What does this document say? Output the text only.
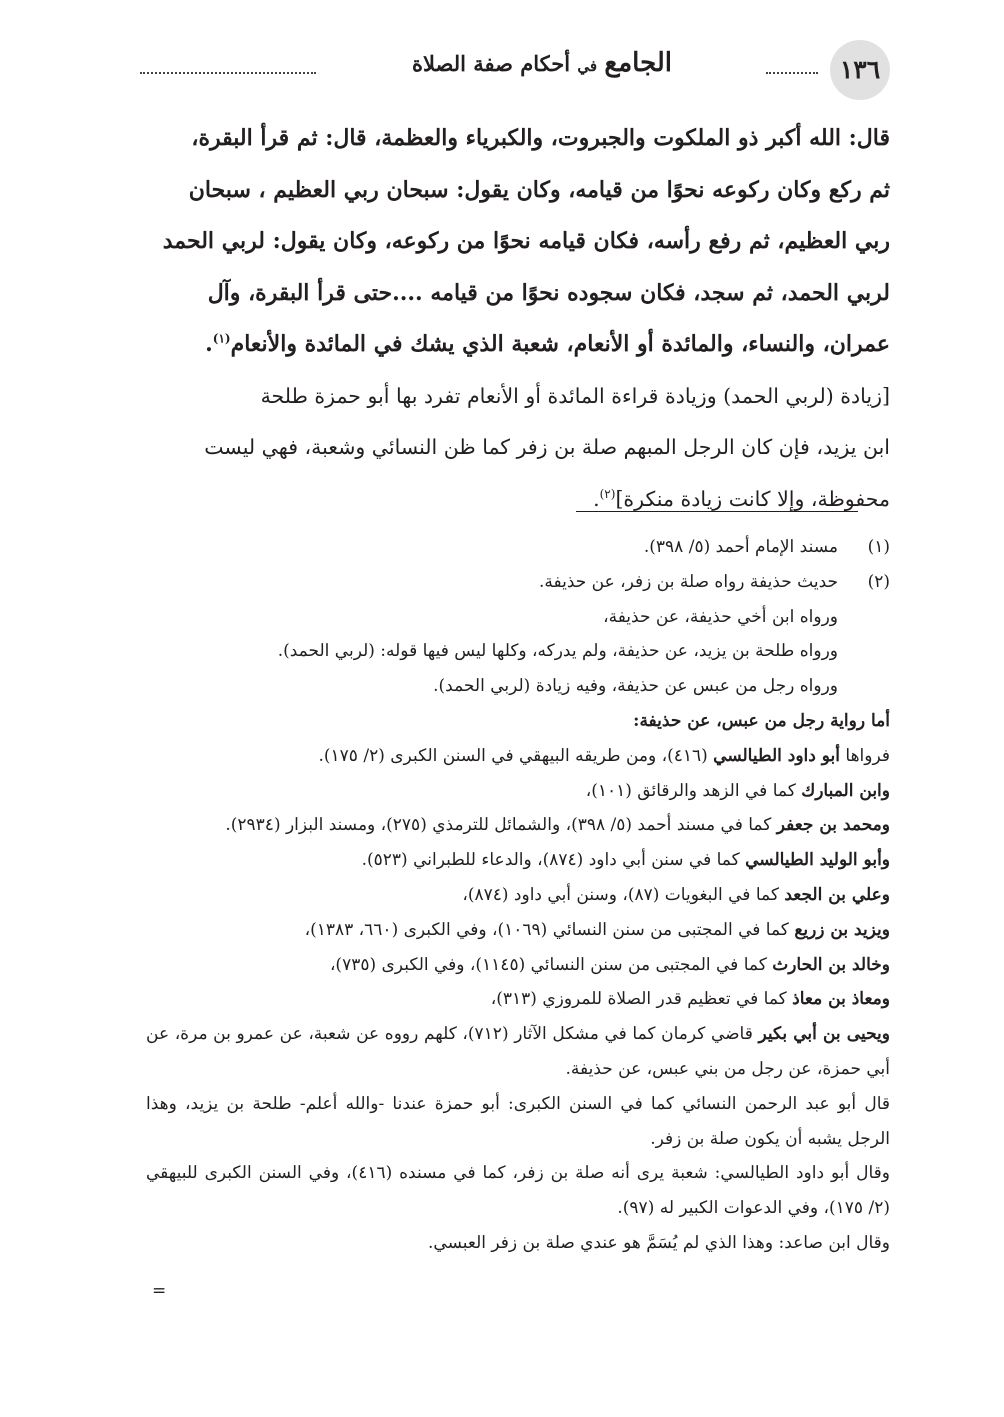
١٣٦
الجامع في أحكام صفة الصلاة

قال: الله أكبر ذو الملكوت والجبروت، والكبرياء والعظمة، قال: ثم قرأ البقرة،

ثم ركع وكان ركوعه نحوًا من قيامه، وكان يقول: سبحان ربي العظيم ، سبحان

ربي العظيم، ثم رفع رأسه، فكان قيامه نحوًا من ركوعه، وكان يقول: لربي الحمد

لربي الحمد، ثم سجد، فكان سجوده نحوًا من قيامه ....حتى قرأ البقرة، وآل

عمران، والنساء، والمائدة أو الأنعام، شعبة الذي يشك في المائدة والأنعام$^{(١)}$.

[زيادة (لربي الحمد) وزيادة قراءة المائدة أو الأنعام تفرد بها أبو حمزة طلحة

ابن يزيد، فإن كان الرجل المبهم صلة بن زفر كما ظن النسائي وشعبة، فهي ليست

محفوظة، وإلا كانت زيادة منكرة]$^{(٢)}$.

(١)مسند الإمام أحمد (٥/ ٣٩٨).

(٢)حديث حذيفة رواه صلة بن زفر، عن حذيفة.

ورواه ابن أخي حذيفة، عن حذيفة،

ورواه طلحة بن يزيد، عن حذيفة، ولم يدركه، وكلها ليس فيها قوله: (لربي الحمد).

ورواه رجل من عبس عن حذيفة، وفيه زيادة (لربي الحمد).

أما رواية رجل من عبس، عن حذيفة:

فرواها أبو داود الطيالسي (٤١٦)، ومن طريقه البيهقي في السنن الكبرى (٢/ ١٧٥).

وابن المبارك كما في الزهد والرقائق (١٠١)،

ومحمد بن جعفر كما في مسند أحمد (٥/ ٣٩٨)، والشمائل للترمذي (٢٧٥)، ومسند البزار (٢٩٣٤).

وأبو الوليد الطيالسي كما في سنن أبي داود (٨٧٤)، والدعاء للطبراني (٥٢٣).

وعلي بن الجعد كما في البغويات (٨٧)، وسنن أبي داود (٨٧٤)،

ويزيد بن زريع كما في المجتبى من سنن النسائي (١٠٦٩)، وفي الكبرى (٦٦٠، ١٣٨٣)،

وخالد بن الحارث كما في المجتبى من سنن النسائي (١١٤٥)، وفي الكبرى (٧٣٥)،

ومعاذ بن معاذ كما في تعظيم قدر الصلاة للمروزي (٣١٣)،

ويحيى بن أبي بكير قاضي كرمان كما في مشكل الآثار (٧١٢)، كلهم رووه عن شعبة، عن عمرو بن مرة، عن أبي حمزة، عن رجل من بني عبس، عن حذيفة.

قال أبو عبد الرحمن النسائي كما في السنن الكبرى: أبو حمزة عندنا -والله أعلم- طلحة بن يزيد، وهذا الرجل يشبه أن يكون صلة بن زفر.

وقال أبو داود الطيالسي: شعبة يرى أنه صلة بن زفر، كما في مسنده (٤١٦)، وفي السنن الكبرى للبيهقي (٢/ ١٧٥)، وفي الدعوات الكبير له (٩٧).

وقال ابن صاعد: وهذا الذي لم يُسَمَّ هو عندي صلة بن زفر العبسي.

=
